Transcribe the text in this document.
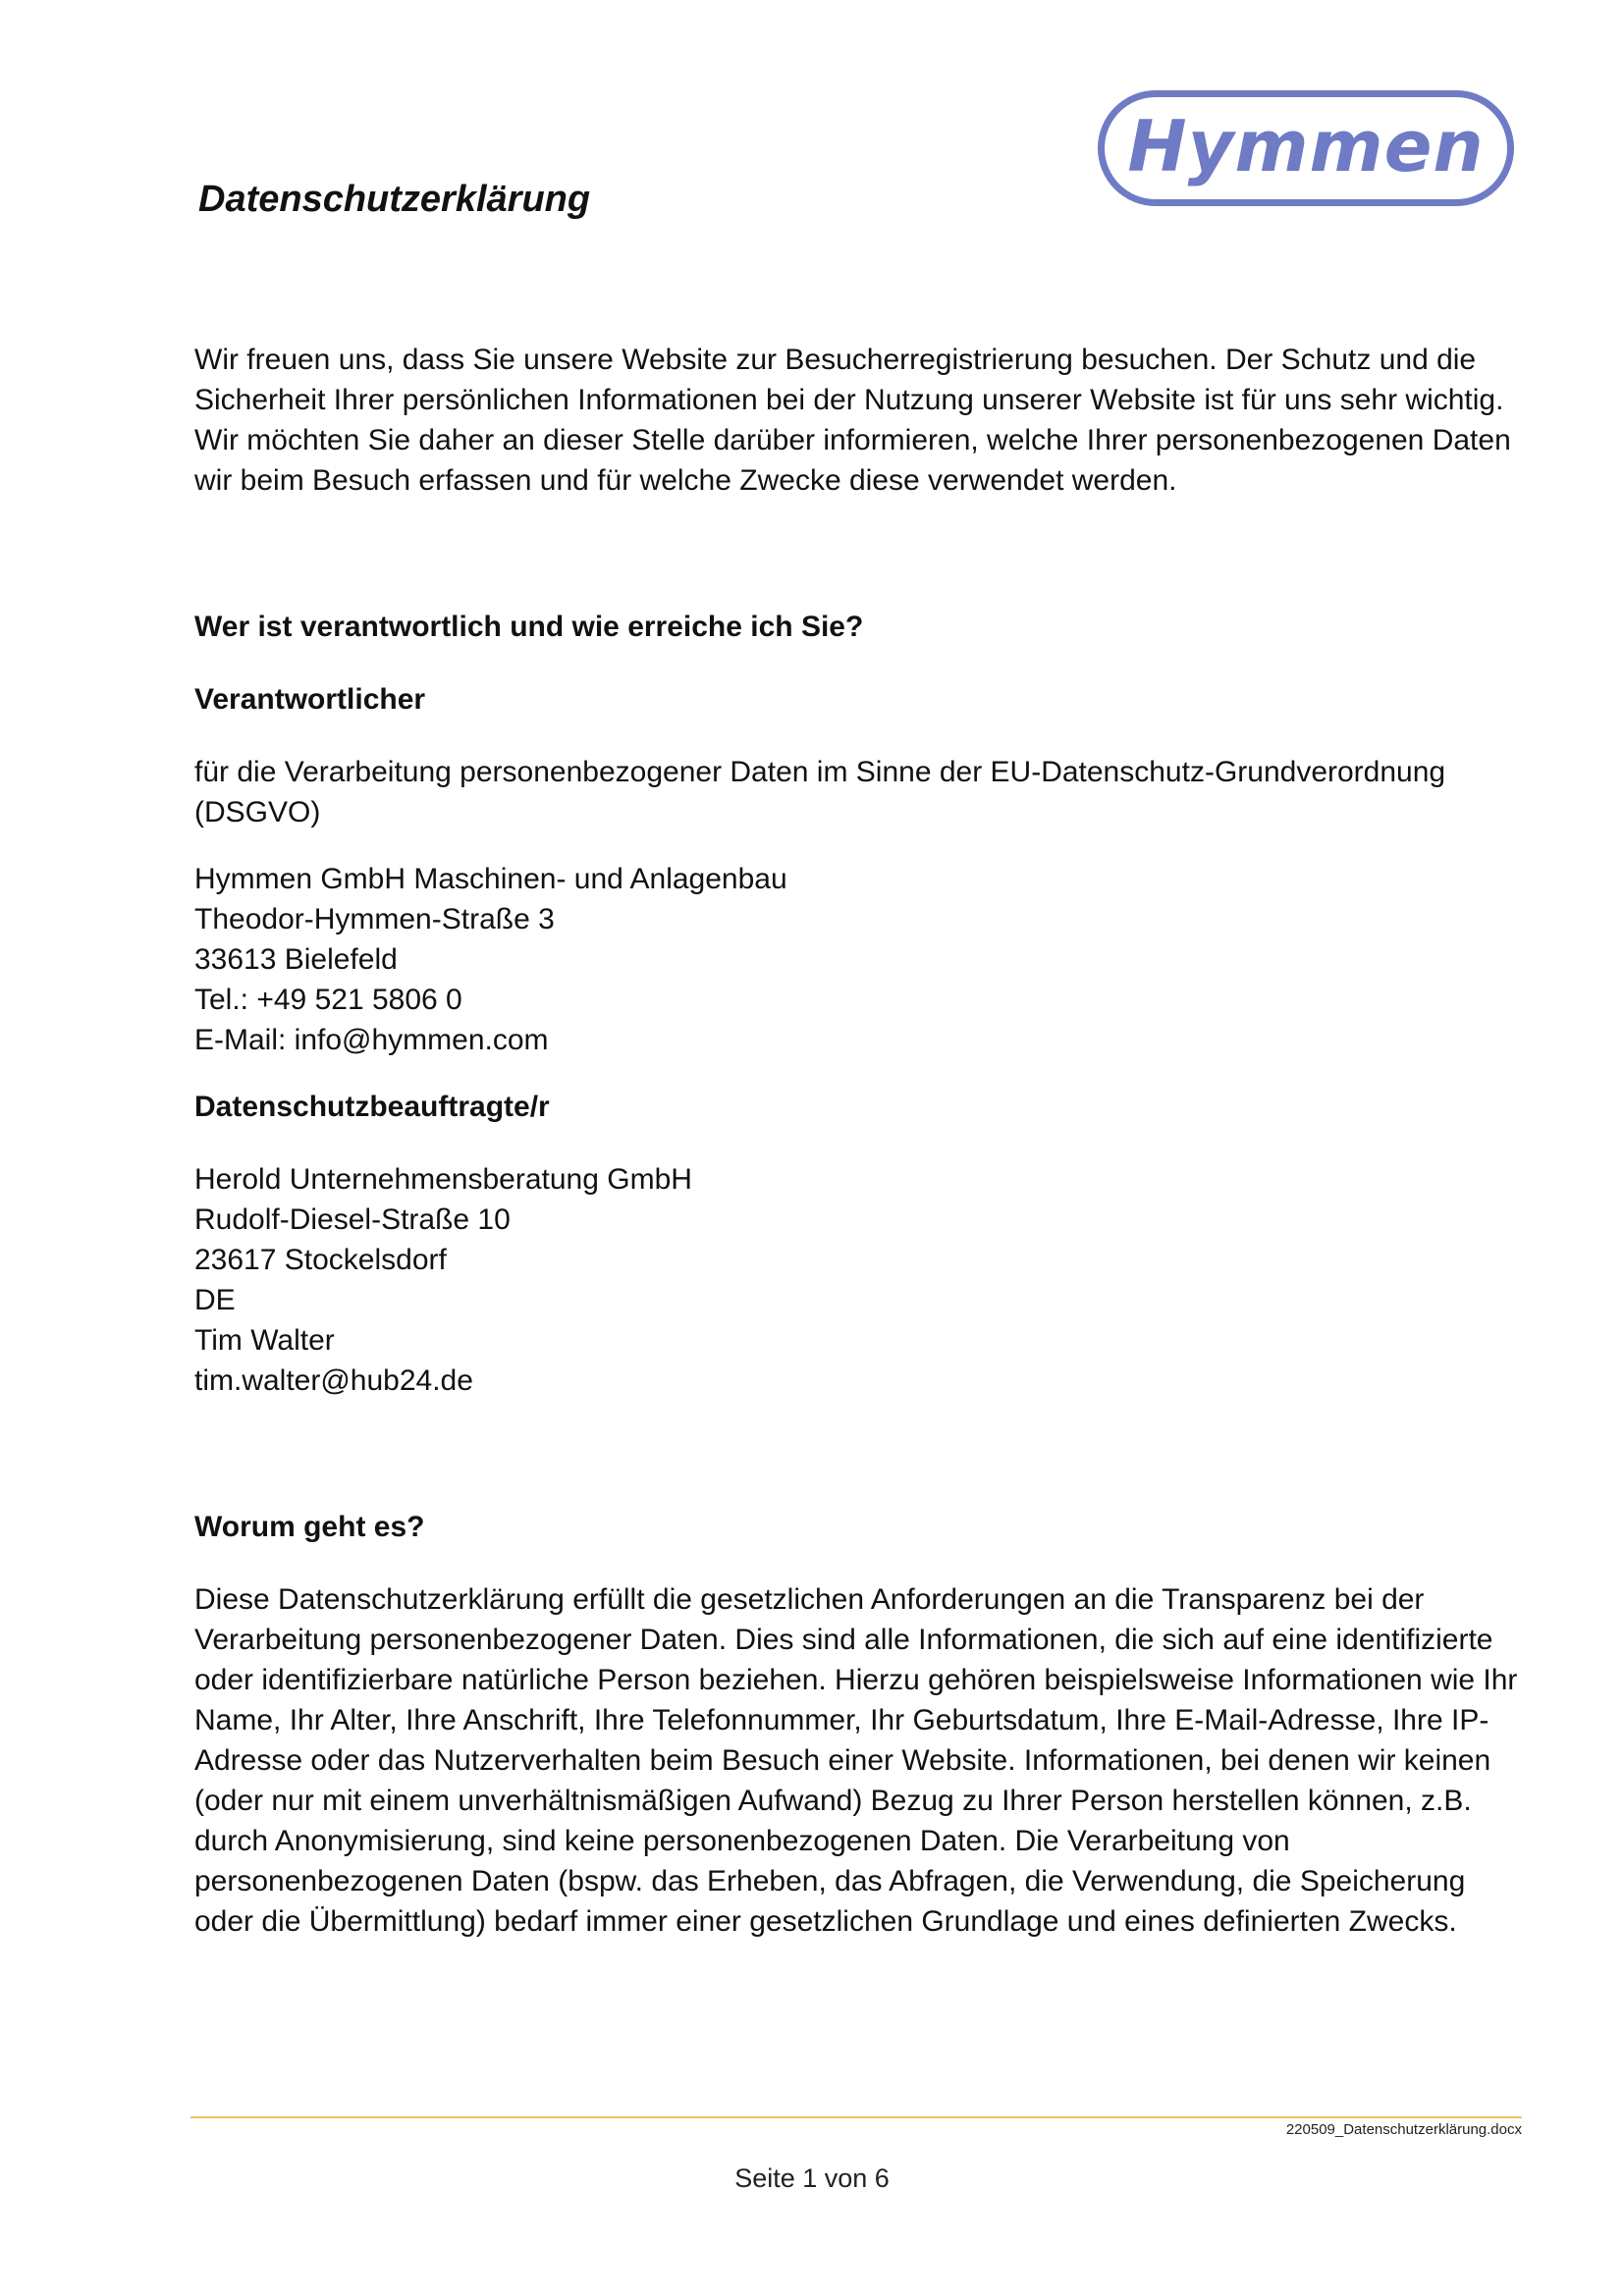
Hymmen
Datenschutzerklärung

Wir freuen uns, dass Sie unsere Website zur Besucherregistrierung besuchen. Der Schutz und die Sicherheit Ihrer persönlichen Informationen bei der Nutzung unserer Website ist für uns sehr wichtig. Wir möchten Sie daher an dieser Stelle darüber informieren, welche Ihrer personenbezogenen Daten wir beim Besuch erfassen und für welche Zwecke diese verwendet werden.

Wer ist verantwortlich und wie erreiche ich Sie?

Verantwortlicher

für die Verarbeitung personenbezogener Daten im Sinne der EU-Datenschutz-Grundverordnung (DSGVO)

Hymmen GmbH Maschinen- und Anlagenbau
Theodor-Hymmen-Straße 3
33613 Bielefeld
Tel.: +49 521 5806 0
E-Mail: info@hymmen.com

Datenschutzbeauftragte/r

Herold Unternehmensberatung GmbH
Rudolf-Diesel-Straße 10
23617 Stockelsdorf
DE
Tim Walter
tim.walter@hub24.de

Worum geht es?

Diese Datenschutzerklärung erfüllt die gesetzlichen Anforderungen an die Transparenz bei der Verarbeitung personenbezogener Daten. Dies sind alle Informationen, die sich auf eine identifizierte oder identifizierbare natürliche Person beziehen. Hierzu gehören beispielsweise Informationen wie Ihr Name, Ihr Alter, Ihre Anschrift, Ihre Telefonnummer, Ihr Geburtsdatum, Ihre E-Mail-Adresse, Ihre IP-Adresse oder das Nutzerverhalten beim Besuch einer Website. Informationen, bei denen wir keinen (oder nur mit einem unverhältnismäßigen Aufwand) Bezug zu Ihrer Person herstellen können, z.B. durch Anonymisierung, sind keine personenbezogenen Daten. Die Verarbeitung von personenbezogenen Daten (bspw. das Erheben, das Abfragen, die Verwendung, die Speicherung oder die Übermittlung) bedarf immer einer gesetzlichen Grundlage und eines definierten Zwecks.

220509_Datenschutzerklärung.docx
Seite 1 von 6
